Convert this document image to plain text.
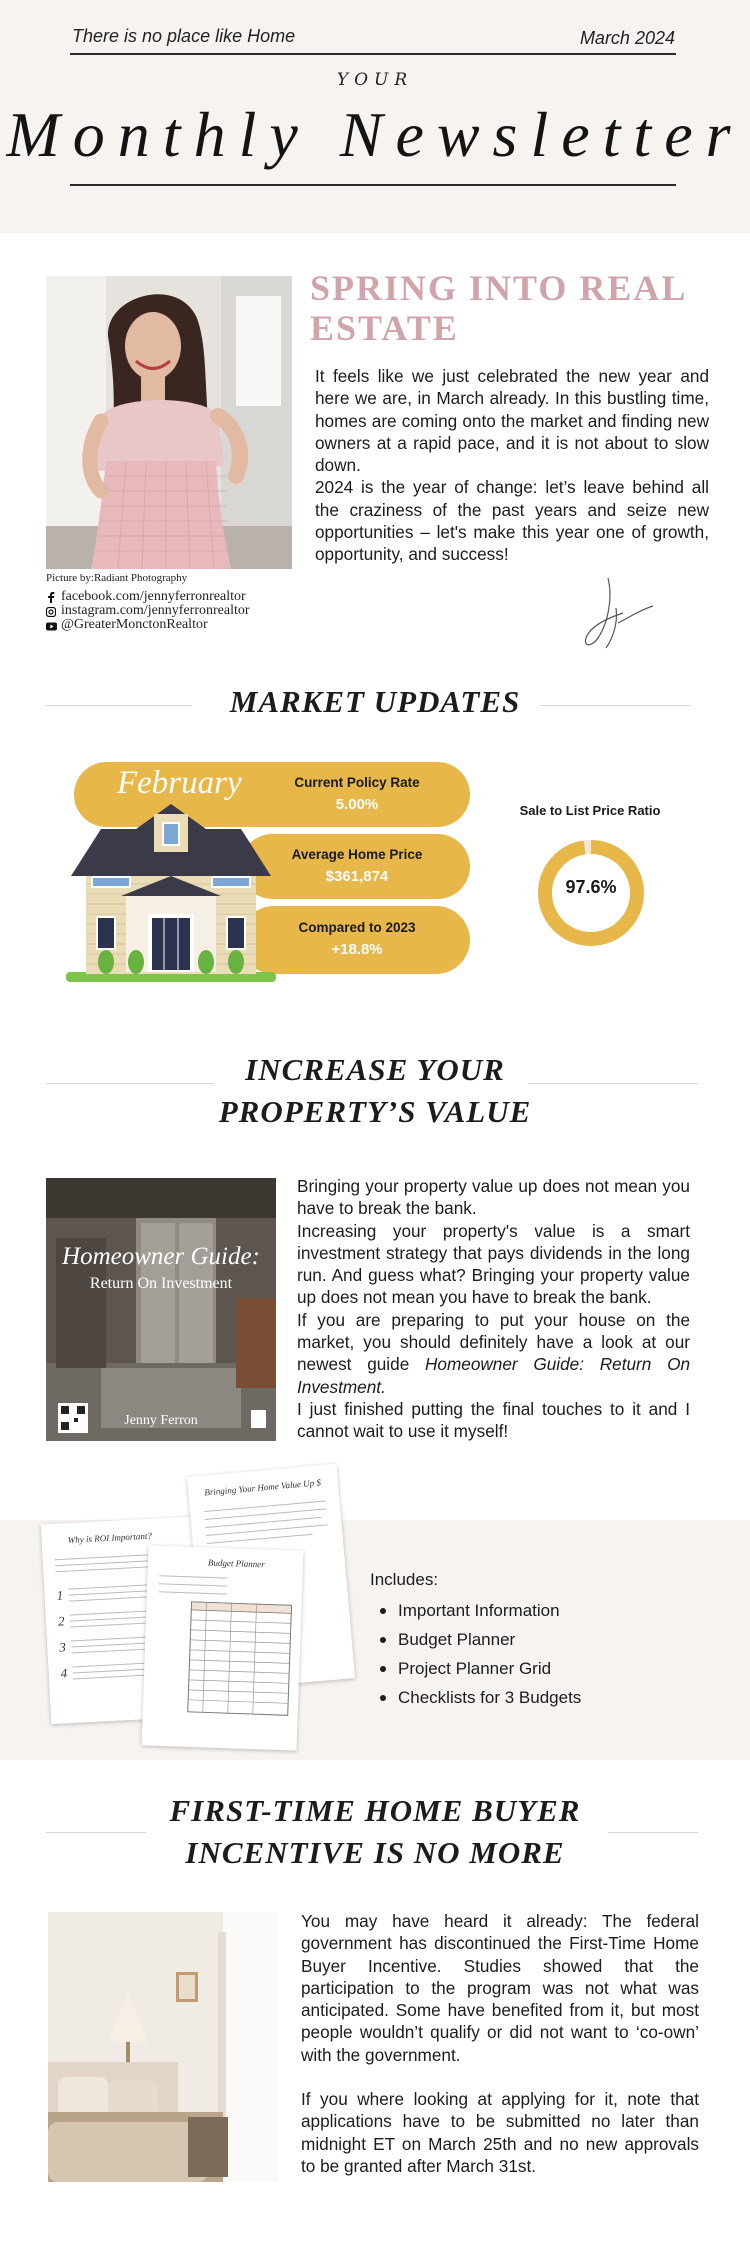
There is no place like Home	March 2024
YOUR
Monthly Newsletter
Picture by:Radiant Photography
facebook.com/jennyferronrealtor
instagram.com/jennyferronrealtor
@GreaterMonctonRealtor
SPRING INTO REAL
ESTATE

It feels like we just celebrated the new year and here we are, in March already. In this bustling time, homes are coming onto the market and finding new owners at a rapid pace, and it is not about to slow down.

2024 is the year of change: let’s leave behind all the craziness of the past years and seize new opportunities – let's make this year one of growth, opportunity, and success!

MARKET UPDATES
February	Current Policy Rate
5.00%
Average Home Price
$361,874
Compared to 2023
+18.8%
Sale to List Price Ratio
97.6%
INCREASE YOUR
PROPERTY’S VALUE
Homeowner Guide:
Return On Investment
Jenny Ferron

Bringing your property value up does not mean you have to break the bank.

Increasing your property's value is a smart investment strategy that pays dividends in the long run. And guess what? Bringing your property value up does not mean you have to break the bank.

If you are preparing to put your house on the market, you should definitely have a look at our newest guide Homeowner Guide: Return On Investment.

I just finished putting the final touches to it and I cannot wait to use it myself!

Why is ROI Important?
1
2
3
4
Bringing Your Home Value Up $
Budget Planner
Includes:
Important Information
Budget Planner
Project Planner Grid
Checklists for 3 Budgets
FIRST-TIME HOME BUYER
INCENTIVE IS NO MORE

You may have heard it already: The federal government has discontinued the First-Time Home Buyer Incentive. Studies showed that the participation to the program was not what was anticipated. Some have benefited from it, but most people wouldn’t qualify or did not want to ‘co-own’ with the government.

If you where looking at applying for it, note that applications have to be submitted no later than midnight ET on March 25th and no new approvals to be granted after March 31st.
